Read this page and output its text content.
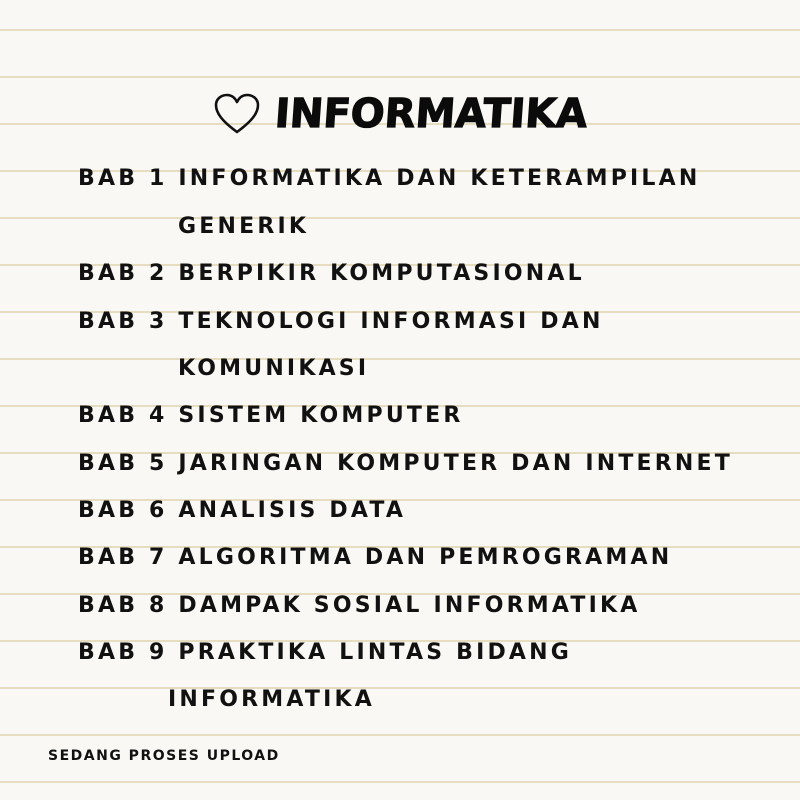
INFORMATIKA
BAB 1 INFORMATIKA DAN KETERAMPILAN
GENERIK
BAB 2 BERPIKIR KOMPUTASIONAL
BAB 3 TEKNOLOGI INFORMASI DAN
KOMUNIKASI
BAB 4 SISTEM KOMPUTER
BAB 5 JARINGAN KOMPUTER DAN INTERNET
BAB 6 ANALISIS DATA
BAB 7 ALGORITMA DAN PEMROGRAMAN
BAB 8 DAMPAK SOSIAL INFORMATIKA
BAB 9 PRAKTIKA LINTAS BIDANG
INFORMATIKA
SEDANG PROSES UPLOAD
